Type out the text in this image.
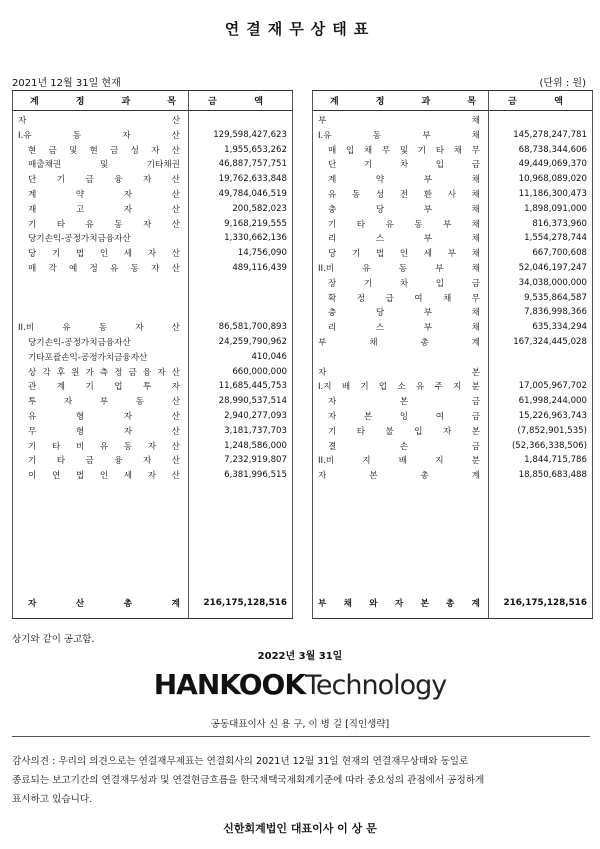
연결재무상태표
2021년 12월 31일 현재	(단위 : 원)
계	정	과	목	금	액
자	산
I.유	동	자	산	129,598,427,623
현 금 및 현 금 성 자 산	1,955,653,262
매출채권	및	기타채권	46,887,757,751
단 기 금 융 자 산	19,762,633,848
계	약	자	산	49,784,046,519
재	고	자	산	200,582,023
기 타 유 동 자 산	9,168,219,555
당기손익-공정가치금융자산	1,330,662,136
당 기 법 인 세 자 산	14,756,090
매 각 예 정 유 동 자 산	489,116,439
II.비	유	동	자	산	86,581,700,893
당기손익-공정가치금융자산	24,259,790,962
기타포괄손익-공정가치금융자산	410,046
상 각 후 원 가 측 정 금 융 자 산	660,000,000
관 계 기 업 투 자	11,685,445,753
투	자	부	동	산	28,990,537,514
유	형	자	산	2,940,277,093
무	형	자	산	3,181,737,703
기 타 비 유 동 자 산	1,248,586,000
기 타 금 융 자 산	7,232,919,807
이 연 법 인 세 자 산	6,381,996,515
자	산	총	계	216,175,128,516
계	정	과	목	금	액
부	채
I.유	동	부	채	145,278,247,781
매 입 채 무 및 기 타 채 무	68,738,344,606
단	기	차	입	금	49,449,069,370
계	약	부	채	10,968,089,020
유 동 성 전 환 사 채	11,186,300,473
충	당	부	채	1,898,091,000
기 타 유 동 부 채	816,373,960
리	스	부	채	1,554,278,744
당 기 법 인 세 부 채	667,700,608
II.비	유	동	부	채	52,046,197,247
장	기	차	입	금	34,038,000,000
확 정 급 여 채 무	9,535,864,587
충	당	부	채	7,836,998,366
리	스	부	채	635,334,294
부	채	총	계	167,324,445,028
자	본
I.지 배 기 업 소 유 주 지 분	17,005,967,702
자	본	금	61,998,244,000
자	본	잉	여	금	15,226,963,743
기 타 불 입 자 본	(7,852,901,535)
결	손	금	(52,366,338,506)
II.비	지	배	지	분	1,844,715,786
자	본	총	계	18,850,683,488
부 채 와 자 본 총 계	216,175,128,516
상기와 같이 공고함.
2022년 3월 31일
HANKOOKTechnology
공동대표이사 신 용 구, 이 병 길 [직인생략]
감사의견 : 우리의 의견으로는 연결재무제표는 연결회사의 2021년 12월 31일 현재의 연결재무상태와 동일로
종료되는 보고기간의 연결재무성과 및 연결현금흐름을 한국채택국제회계기준에 따라 중요성의 관점에서 공정하게
표시하고 있습니다.
신한회계법인 대표이사 이 상 문
